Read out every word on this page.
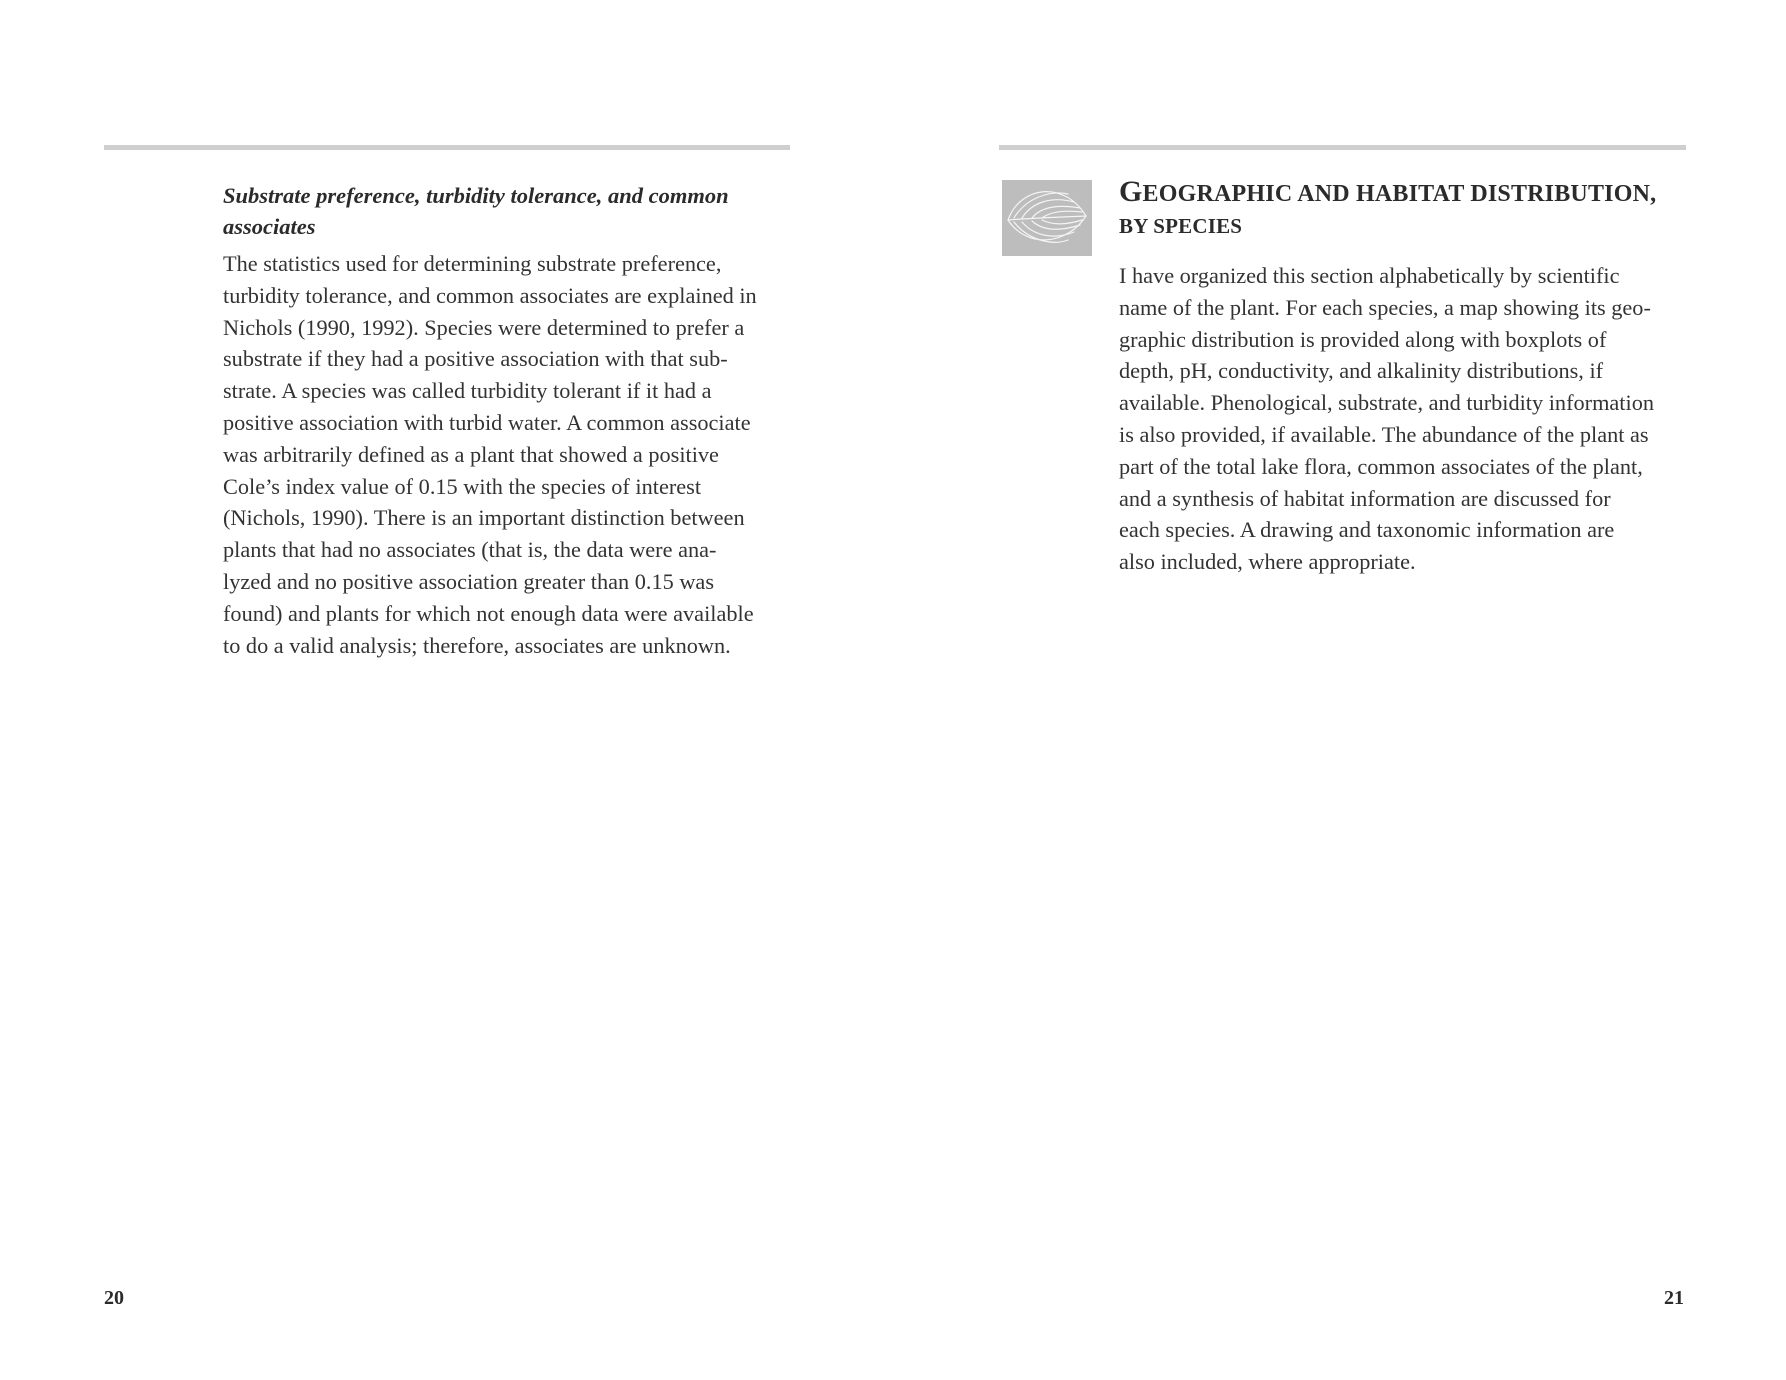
Substrate preference, turbidity tolerance, and common associates

The statistics used for determining substrate preference,
turbidity tolerance, and common associates are explained in
Nichols (1990, 1992). Species were determined to prefer a
substrate if they had a positive association with that sub-
strate. A species was called turbidity tolerant if it had a
positive association with turbid water. A common associate
was arbitrarily defined as a plant that showed a positive
Cole’s index value of 0.15 with the species of interest
(Nichols, 1990). There is an important distinction between
plants that had no associates (that is, the data were ana-
lyzed and no positive association greater than 0.15 was
found) and plants for which not enough data were available
to do a valid analysis; therefore, associates are unknown.

20
GEOGRAPHIC AND HABITAT DISTRIBUTION,
BY SPECIES

I have organized this section alphabetically by scientific
name of the plant. For each species, a map showing its geo-
graphic distribution is provided along with boxplots of
depth, pH, conductivity, and alkalinity distributions, if
available. Phenological, substrate, and turbidity information
is also provided, if available. The abundance of the plant as
part of the total lake flora, common associates of the plant,
and a synthesis of habitat information are discussed for
each species. A drawing and taxonomic information are
also included, where appropriate.

21
